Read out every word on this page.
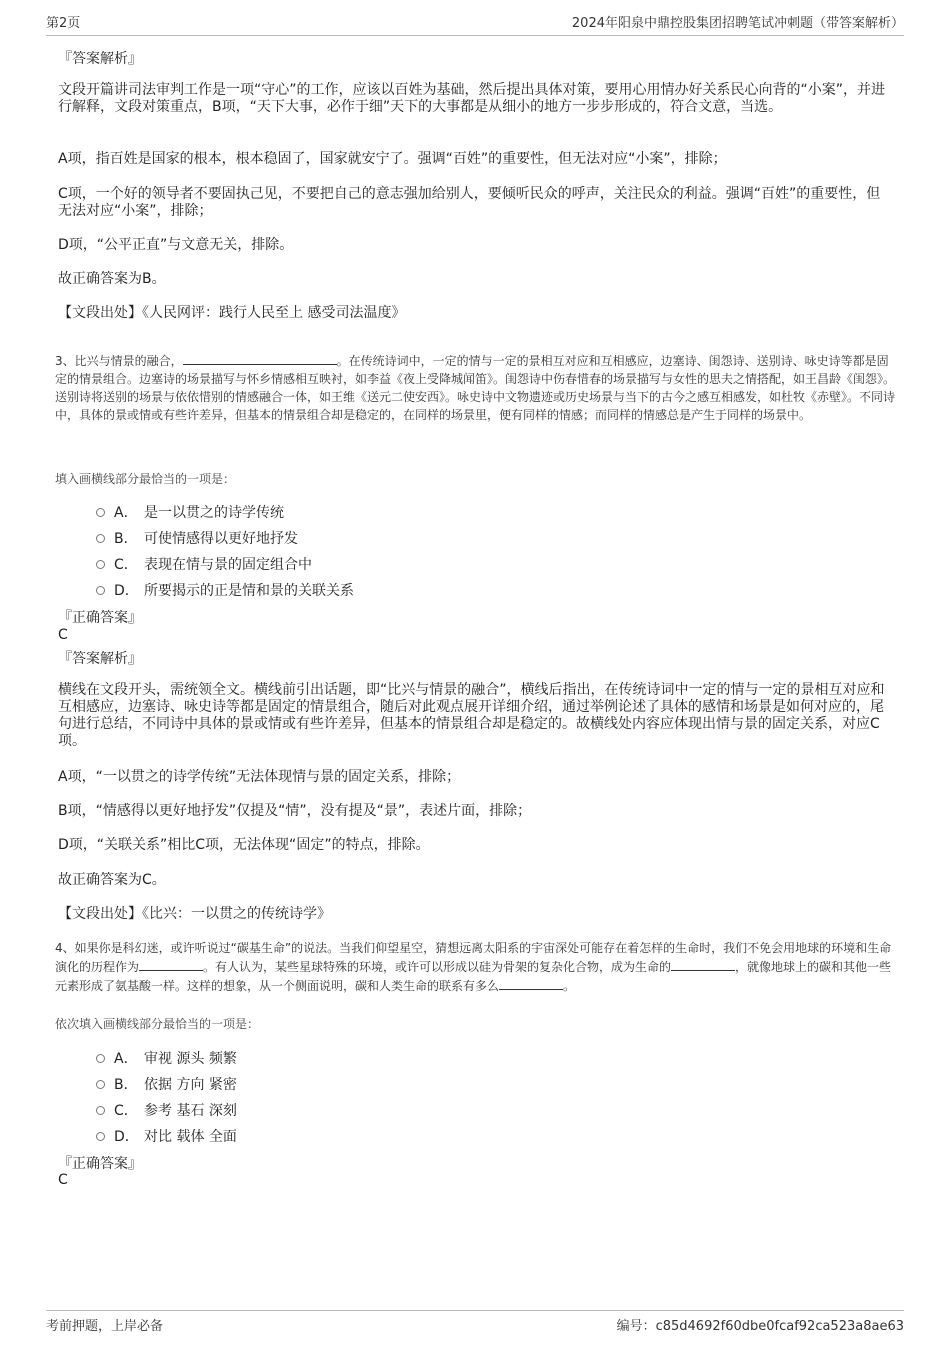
第2页	2024年阳泉中鼎控股集团招聘笔试冲刺题（带答案解析）
『答案解析』
文段开篇讲司法审判工作是一项“守心”的工作，应该以百姓为基础，然后提出具体对策，要用心用情办好关系民心向背的“小案”，并进行解释，文段对策重点，B项，“天下大事，必作于细”天下的大事都是从细小的地方一步步形成的，符合文意，当选。
A项，指百姓是国家的根本，根本稳固了，国家就安宁了。强调“百姓”的重要性，但无法对应“小案”，排除；
C项，一个好的领导者不要固执己见，不要把自己的意志强加给别人，要倾听民众的呼声，关注民众的利益。强调“百姓”的重要性，但无法对应“小案”，排除；
D项，“公平正直”与文意无关，排除。
故正确答案为B。
【文段出处】《人民网评：践行人民至上 感受司法温度》
3、比兴与情景的融合，	。在传统诗词中，一定的情与一定的景相互对应和互相感应，边塞诗、闺怨诗、送别诗、咏史诗等都是固定的情景组合。边塞诗的场景描写与怀乡情感相互映衬，如李益《夜上受降城闻笛》。闺怨诗中伤春惜春的场景描写与女性的思夫之情搭配，如王昌龄《闺怨》。送别诗将送别的场景与依依惜别的情感融合一体，如王维《送元二使安西》。咏史诗中文物遗迹或历史场景与当下的古今之感互相感发，如杜牧《赤壁》。不同诗中，具体的景或情或有些许差异，但基本的情景组合却是稳定的，在同样的场景里，便有同样的情感；而同样的情感总是产生于同样的场景中。
填入画横线部分最恰当的一项是：
A． 是一以贯之的诗学传统
B． 可使情感得以更好地抒发
C． 表现在情与景的固定组合中
D． 所要揭示的正是情和景的关联关系
『正确答案』
C
『答案解析』
横线在文段开头，需统领全文。横线前引出话题，即“比兴与情景的融合”，横线后指出，在传统诗词中一定的情与一定的景相互对应和互相感应，边塞诗、咏史诗等都是固定的情景组合，随后对此观点展开详细介绍，通过举例论述了具体的感情和场景是如何对应的，尾句进行总结，不同诗中具体的景或情或有些许差异，但基本的情景组合却是稳定的。故横线处内容应体现出情与景的固定关系，对应C项。
A项，“一以贯之的诗学传统”无法体现情与景的固定关系，排除；
B项，“情感得以更好地抒发”仅提及“情”，没有提及“景”，表述片面，排除；
D项，“关联关系”相比C项，无法体现“固定”的特点，排除。
故正确答案为C。
【文段出处】《比兴：一以贯之的传统诗学》
4、如果你是科幻迷，或许听说过“碳基生命”的说法。当我们仰望星空，猜想远离太阳系的宇宙深处可能存在着怎样的生命时，我们不免会用地球的环境和生命演化的历程作为	。有人认为，某些星球特殊的环境，或许可以形成以硅为骨架的复杂化合物，成为生命的	，就像地球上的碳和其他一些元素形成了氨基酸一样。这样的想象，从一个侧面说明，碳和人类生命的联系有多么	。
依次填入画横线部分最恰当的一项是：
A． 审视 源头 频繁
B． 依据 方向 紧密
C． 参考 基石 深刻
D． 对比 载体 全面
『正确答案』
C
考前押题，上岸必备	编号：c85d4692f60dbe0fcaf92ca523a8ae63
